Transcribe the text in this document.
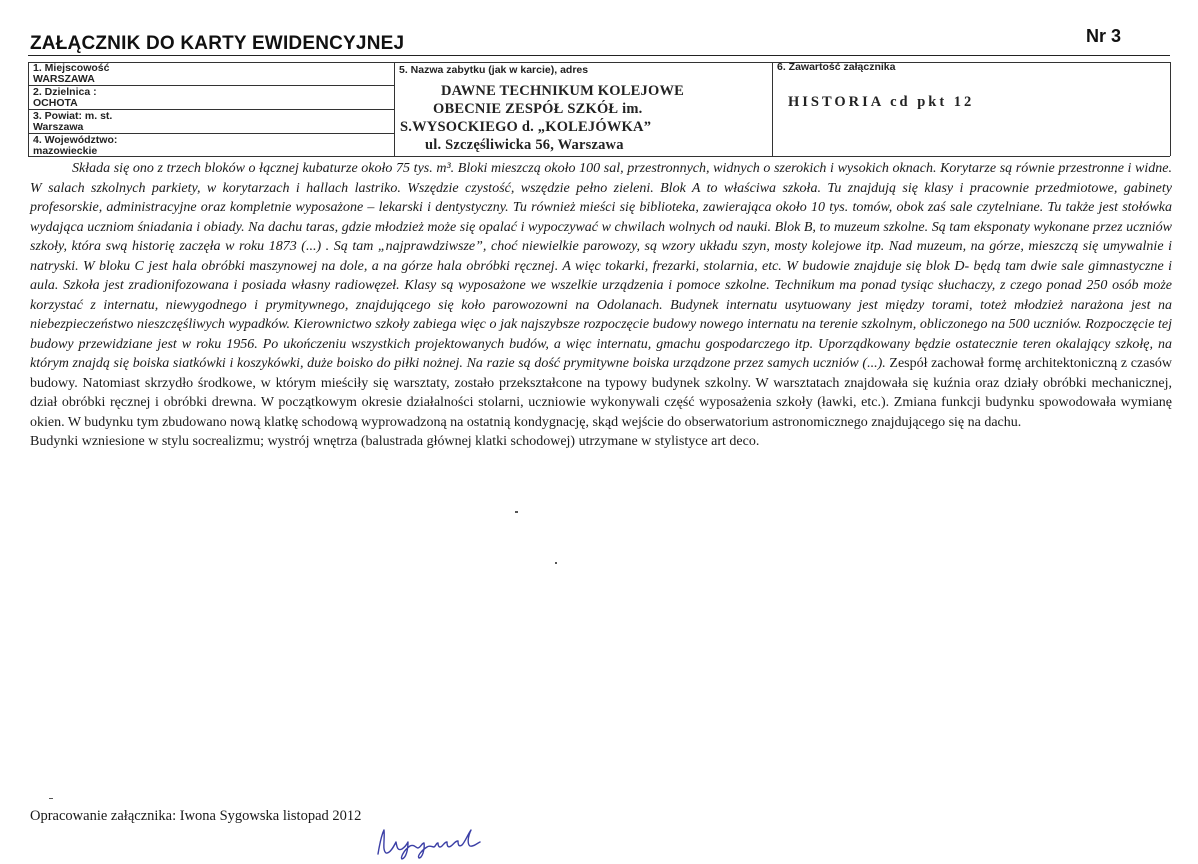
ZAŁĄCZNIK DO KARTY EWIDENCYJNEJ	Nr 3
1. Miejscowość
WARSZAWA
2. Dzielnica :
OCHOTA
3. Powiat: m. st.
Warszawa
4. Województwo:
mazowieckie
5. Nazwa zabytku (jak w karcie), adres
DAWNE TECHNIKUM KOLEJOWE
OBECNIE ZESPÓŁ SZKÓŁ im.
S.WYSOCKIEGO d. „KOLEJÓWKA”
ul. Szczęśliwicka 56, Warszawa
6. Zawartość załącznika
HISTORIA cd pkt 12

Składa się ono z trzech bloków o łącznej kubaturze około 75 tys. m³. Bloki mieszczą około 100 sal, przestronnych, widnych o szerokich i wysokich oknach. Korytarze są równie przestronne i widne. W salach szkolnych parkiety, w korytarzach i hallach lastriko. Wszędzie czystość, wszędzie pełno zieleni. Blok A to właściwa szkoła. Tu znajdują się klasy i pracownie przedmiotowe, gabinety profesorskie, administracyjne oraz kompletnie wyposażone – lekarski i dentystyczny. Tu również mieści się biblioteka, zawierająca około 10 tys. tomów, obok zaś sale czytelniane. Tu także jest stołówka wydająca uczniom śniadania i obiady. Na dachu taras, gdzie młodzież może się opalać i wypoczywać w chwilach wolnych od nauki. Blok B, to muzeum szkolne. Są tam eksponaty wykonane przez uczniów szkoły, która swą historię zaczęła w roku 1873 (...) . Są tam „najprawdziwsze”, choć niewielkie parowozy, są wzory układu szyn, mosty kolejowe itp. Nad muzeum, na górze, mieszczą się umywalnie i natryski. W bloku C jest hala obróbki maszynowej na dole, a na górze hala obróbki ręcznej. A więc tokarki, frezarki, stolarnia, etc. W budowie znajduje się blok D- będą tam dwie sale gimnastyczne i aula. Szkoła jest zradionifozowana i posiada własny radiowęzeł. Klasy są wyposażone we wszelkie urządzenia i pomoce szkolne. Technikum ma ponad tysiąc słuchaczy, z czego ponad 250 osób może korzystać z internatu, niewygodnego i prymitywnego, znajdującego się koło parowozowni na Odolanach. Budynek internatu usytuowany jest między torami, toteż młodzież narażona jest na niebezpieczeństwo nieszczęśliwych wypadków. Kierownictwo szkoły zabiega więc o jak najszybsze rozpoczęcie budowy nowego internatu na terenie szkolnym, obliczonego na 500 uczniów. Rozpoczęcie tej budowy przewidziane jest w roku 1956. Po ukończeniu wszystkich projektowanych budów, a więc internatu, gmachu gospodarczego itp. Uporządkowany będzie ostatecznie teren okalający szkołę, na którym znajdą się boiska siatkówki i koszykówki, duże boisko do piłki nożnej. Na razie są dość prymitywne boiska urządzone przez samych uczniów (...). Zespół zachował formę architektoniczną z czasów budowy. Natomiast skrzydło środkowe, w którym mieściły się warsztaty, zostało przekształcone na typowy budynek szkolny. W warsztatach znajdowała się kuźnia oraz działy obróbki mechanicznej, dział obróbki ręcznej i obróbki drewna. W początkowym okresie działalności stolarni, uczniowie wykonywali część wyposażenia szkoły (ławki, etc.). Zmiana funkcji budynku spowodowała wymianę okien. W budynku tym zbudowano nową klatkę schodową wyprowadzoną na ostatnią kondygnację, skąd wejście do obserwatorium astronomicznego znajdującego się na dachu.

Budynki wzniesione w stylu socrealizmu; wystrój wnętrza (balustrada głównej klatki schodowej) utrzymane w stylistyce art deco.

Opracowanie załącznika: Iwona Sygowska listopad 2012
